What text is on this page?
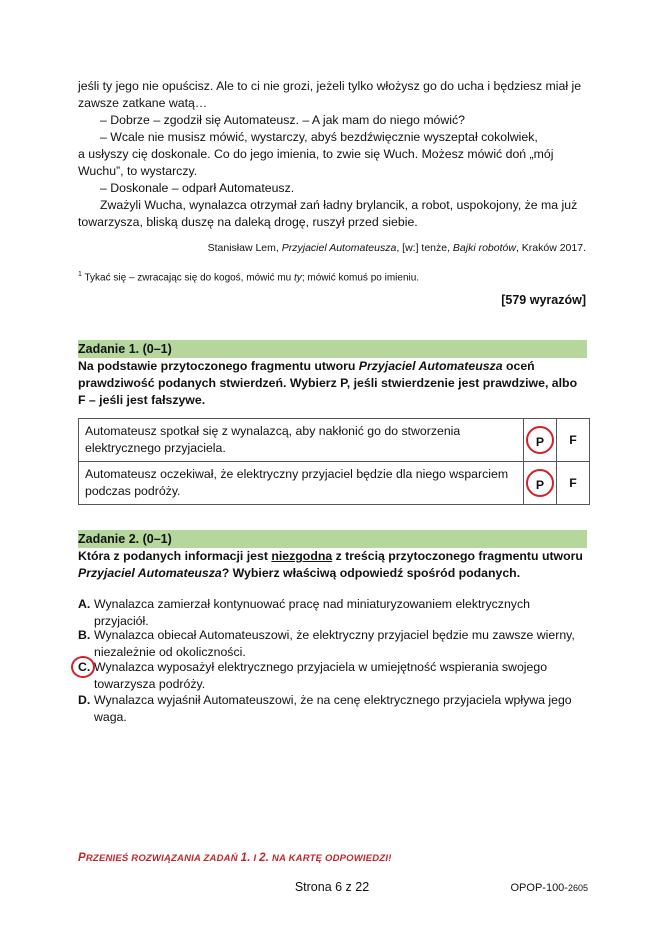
jeśli ty jego nie opuścisz. Ale to ci nie grozi, jeżeli tylko włożysz go do ucha i będziesz miał je
zawsze zatkane watą…
– Dobrze – zgodził się Automateusz. – A jak mam do niego mówić?
– Wcale nie musisz mówić, wystarczy, abyś bezdźwięcznie wyszeptał cokolwiek,
a usłyszy cię doskonale. Co do jego imienia, to zwie się Wuch. Możesz mówić doń „mój
Wuchu”, to wystarczy.
– Doskonale – odparł Automateusz.
Zważyli Wucha, wynalazca otrzymał zań ładny brylancik, a robot, uspokojony, że ma już
towarzysza, bliską duszę na daleką drogę, ruszył przed siebie.
Stanisław Lem, Przyjaciel Automateusza, [w:] tenże, Bajki robotów, Kraków 2017.
$^1$ Tykać się – zwracając się do kogoś, mówić mu ty; mówić komuś po imieniu.
[579 wyrazów]
Zadanie 1. (0–1)
Na podstawie przytoczonego fragmentu utworu Przyjaciel Automateusza oceń
prawdziwość podanych stwierdzeń. Wybierz P, jeśli stwierdzenie jest prawdziwe, albo
F – jeśli jest fałszywe.
Automateusz spotkał się z wynalazcą, aby nakłonić go do stworzenia elektrycznego przyjaciela.	P	F
Automateusz oczekiwał, że elektryczny przyjaciel będzie dla niego wsparciem podczas podróży.	P	F
Zadanie 2. (0–1)
Która z podanych informacji jest niezgodna z treścią przytoczonego fragmentu utworu
Przyjaciel Automateusza? Wybierz właściwą odpowiedź spośród podanych.
A. Wynalazca zamierzał kontynuować pracę nad miniaturyzowaniem elektrycznych
przyjaciół.
B. Wynalazca obiecał Automateuszowi, że elektryczny przyjaciel będzie mu zawsze wierny,
niezależnie od okoliczności.
C. Wynalazca wyposażył elektrycznego przyjaciela w umiejętność wspierania swojego
towarzysza podróży.
D. Wynalazca wyjaśnił Automateuszowi, że na cenę elektrycznego przyjaciela wpływa jego
waga.
PRZENIEŚ ROZWIĄZANIA ZADAŃ 1. I 2. NA KARTĘ ODPOWIEDZI!
Strona 6 z 22	OPOP-100-2605
